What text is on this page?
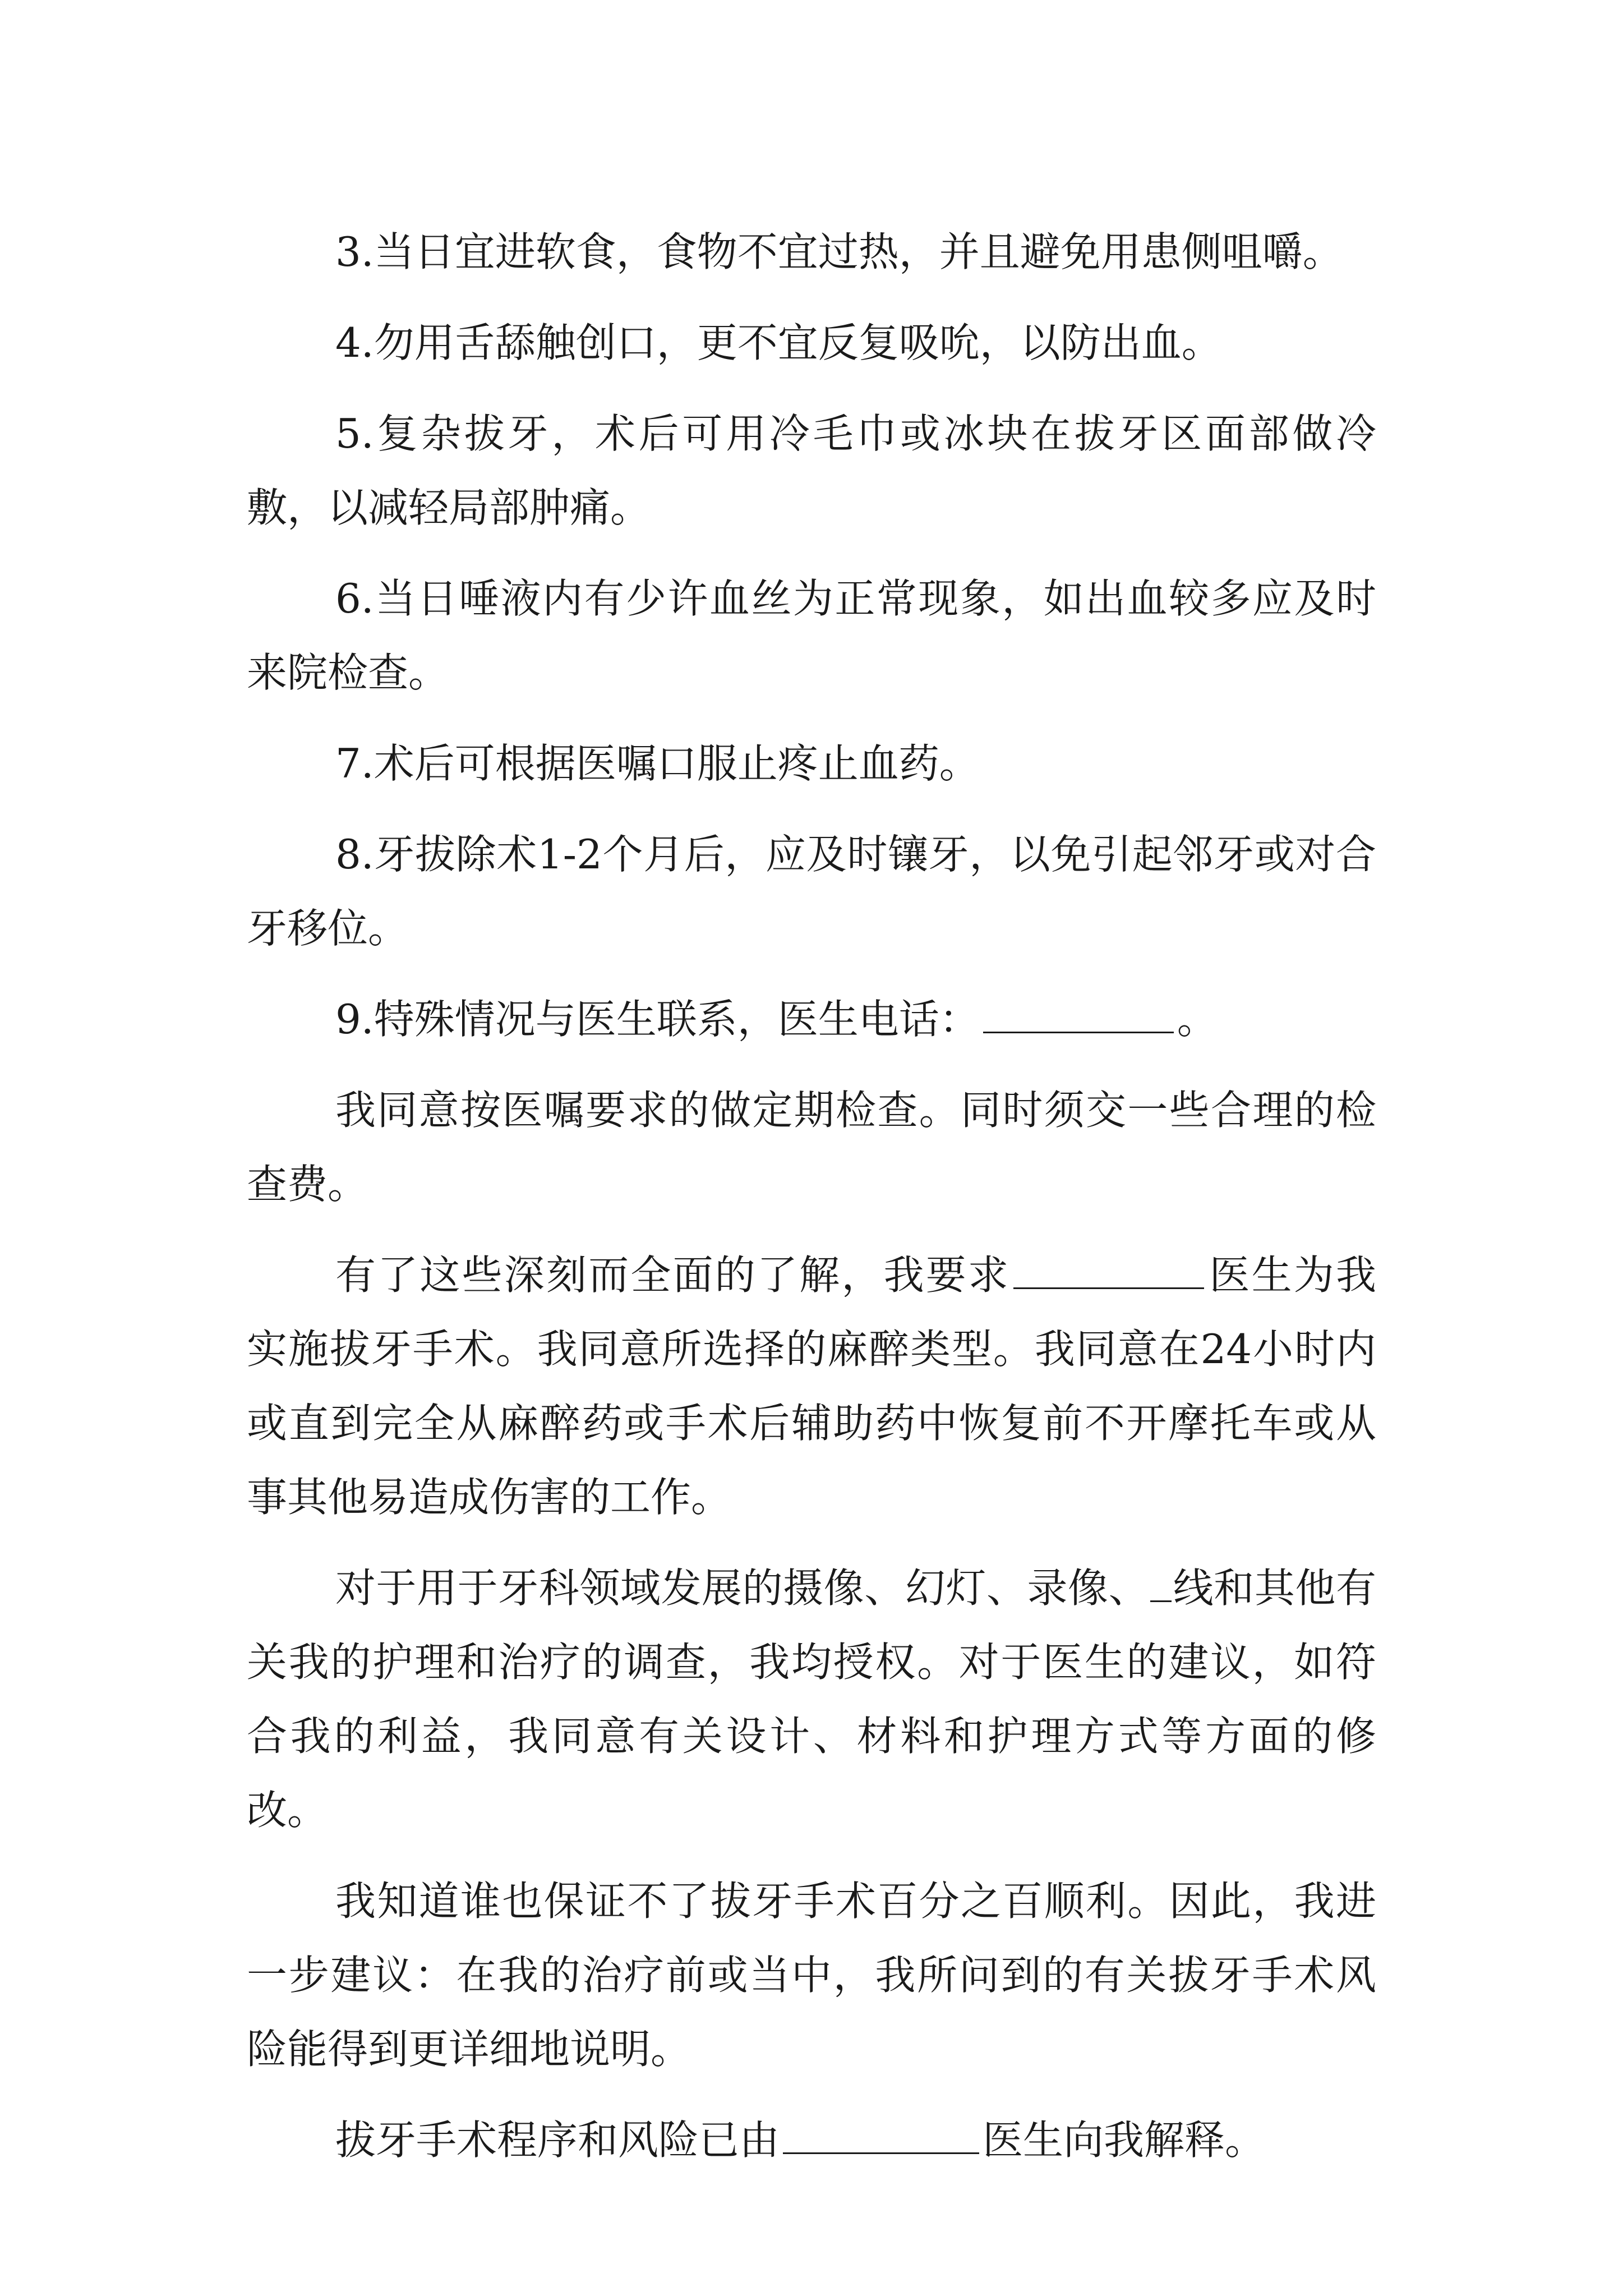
3.当日宜进软食，食物不宜过热，并且避免用患侧咀嚼。

4.勿用舌舔触创口，更不宜反复吸吮，以防出血。

5.复杂拔牙，术后可用冷毛巾或冰块在拔牙区面部做冷敷，以减轻局部肿痛。

6.当日唾液内有少许血丝为正常现象，如出血较多应及时来院检查。

7.术后可根据医嘱口服止疼止血药。

8.牙拔除术1-2个月后，应及时镶牙，以免引起邻牙或对合牙移位。

9.特殊情况与医生联系，医生电话：	。

我同意按医嘱要求的做定期检查。同时须交一些合理的检查费。

有了这些深刻而全面的了解，我要求	医生为我实施拔牙手术。我同意所选择的麻醉类型。我同意在24小时内或直到完全从麻醉药或手术后辅助药中恢复前不开摩托车或从事其他易造成伤害的工作。

对于用于牙科领域发展的摄像、幻灯、录像、 线和其他有关我的护理和治疗的调查，我均授权。对于医生的建议，如符合我的利益，我同意有关设计、材料和护理方式等方面的修改。

我知道谁也保证不了拔牙手术百分之百顺利。因此，我进一步建议：在我的治疗前或当中，我所问到的有关拔牙手术风险能得到更详细地说明。

拔牙手术程序和风险已由	医生向我解释。
